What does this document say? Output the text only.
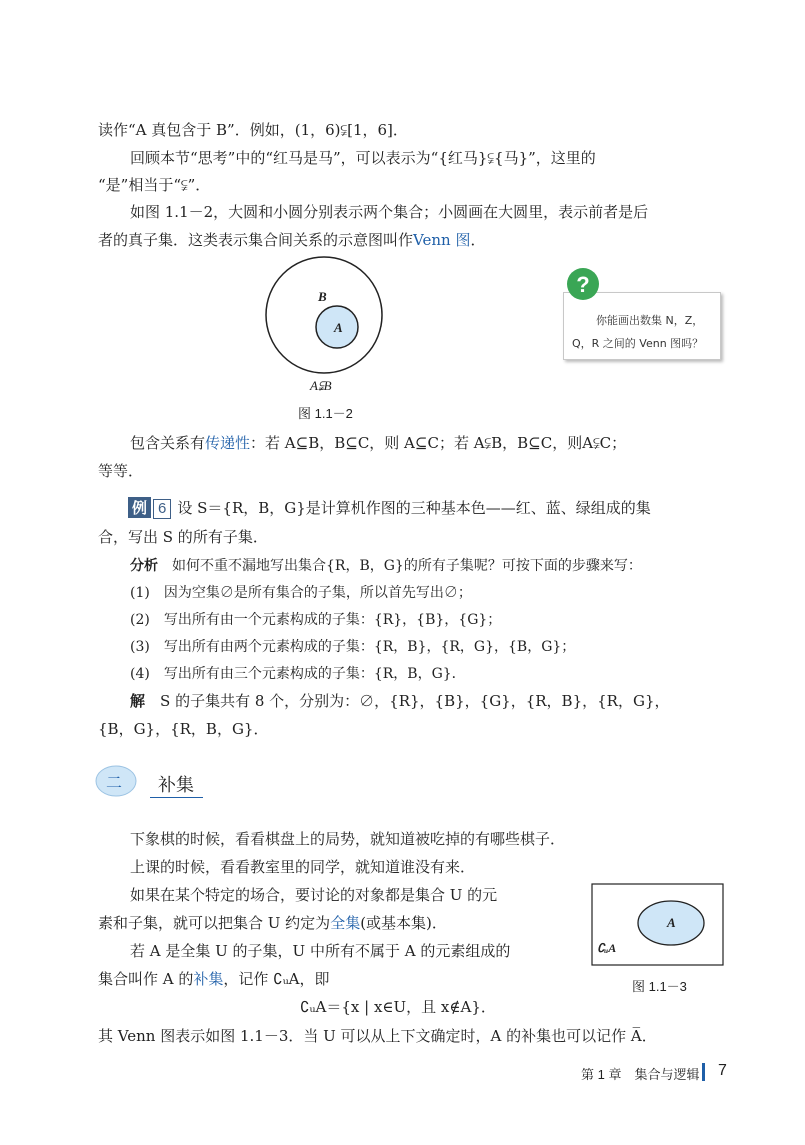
读作“A 真包含于 B”．例如，(1，6)⫋[1，6]．
回顾本节“思考”中的“红马是马”，可以表示为“{红马}⫋{马}”，这里的
“是”相当于“⫋”．
如图 1.1－2，大圆和小圆分别表示两个集合；小圆画在大圆里，表示前者是后
者的真子集．这类表示集合间关系的示意图叫作Venn 图．
B
A
A⫋B
图 1.1－2
你能画出数集 N，Z，
Q，R 之间的 Venn 图吗？
?
包含关系有传递性：若 A⊆B，B⊆C，则 A⊆C；若 A⫋B，B⊆C，则A⫋C；
等等．
例 6 设 S＝{R，B，G}是计算机作图的三种基本色——红、蓝、绿组成的集
合，写出 S 的所有子集．
分析　 如何不重不漏地写出集合{R，B，G}的所有子集呢？可按下面的步骤来写：
(1)　因为空集∅是所有集合的子集，所以首先写出∅；
(2)　写出所有由一个元素构成的子集：{R}，{B}，{G}；
(3)　写出所有由两个元素构成的子集：{R，B}，{R，G}，{B，G}；
(4)　写出所有由三个元素构成的子集：{R，B，G}．
解　 S 的子集共有 8 个，分别为：∅，{R}，{B}，{G}，{R，B}，{R，G}，
{B，G}，{R，B，G}．
二 补集
下象棋的时候，看看棋盘上的局势，就知道被吃掉的有哪些棋子．
上课的时候，看看教室里的同学，就知道谁没有来．
如果在某个特定的场合，要讨论的对象都是集合 U 的元
素和子集，就可以把集合 U 约定为全集(或基本集)．
若 A 是全集 U 的子集，U 中所有不属于 A 的元素组成的
集合叫作 A 的补集，记作 ∁ᵤA，即
∁ᵤA＝{x | x∈U，且 x∉A}．
其 Venn 图表示如图 1.1－3．当 U 可以从上下文确定时，A 的补集也可以记作 A̅．
A
∁ᵤA
图 1.1－3
第 1 章　集合与逻辑 7
